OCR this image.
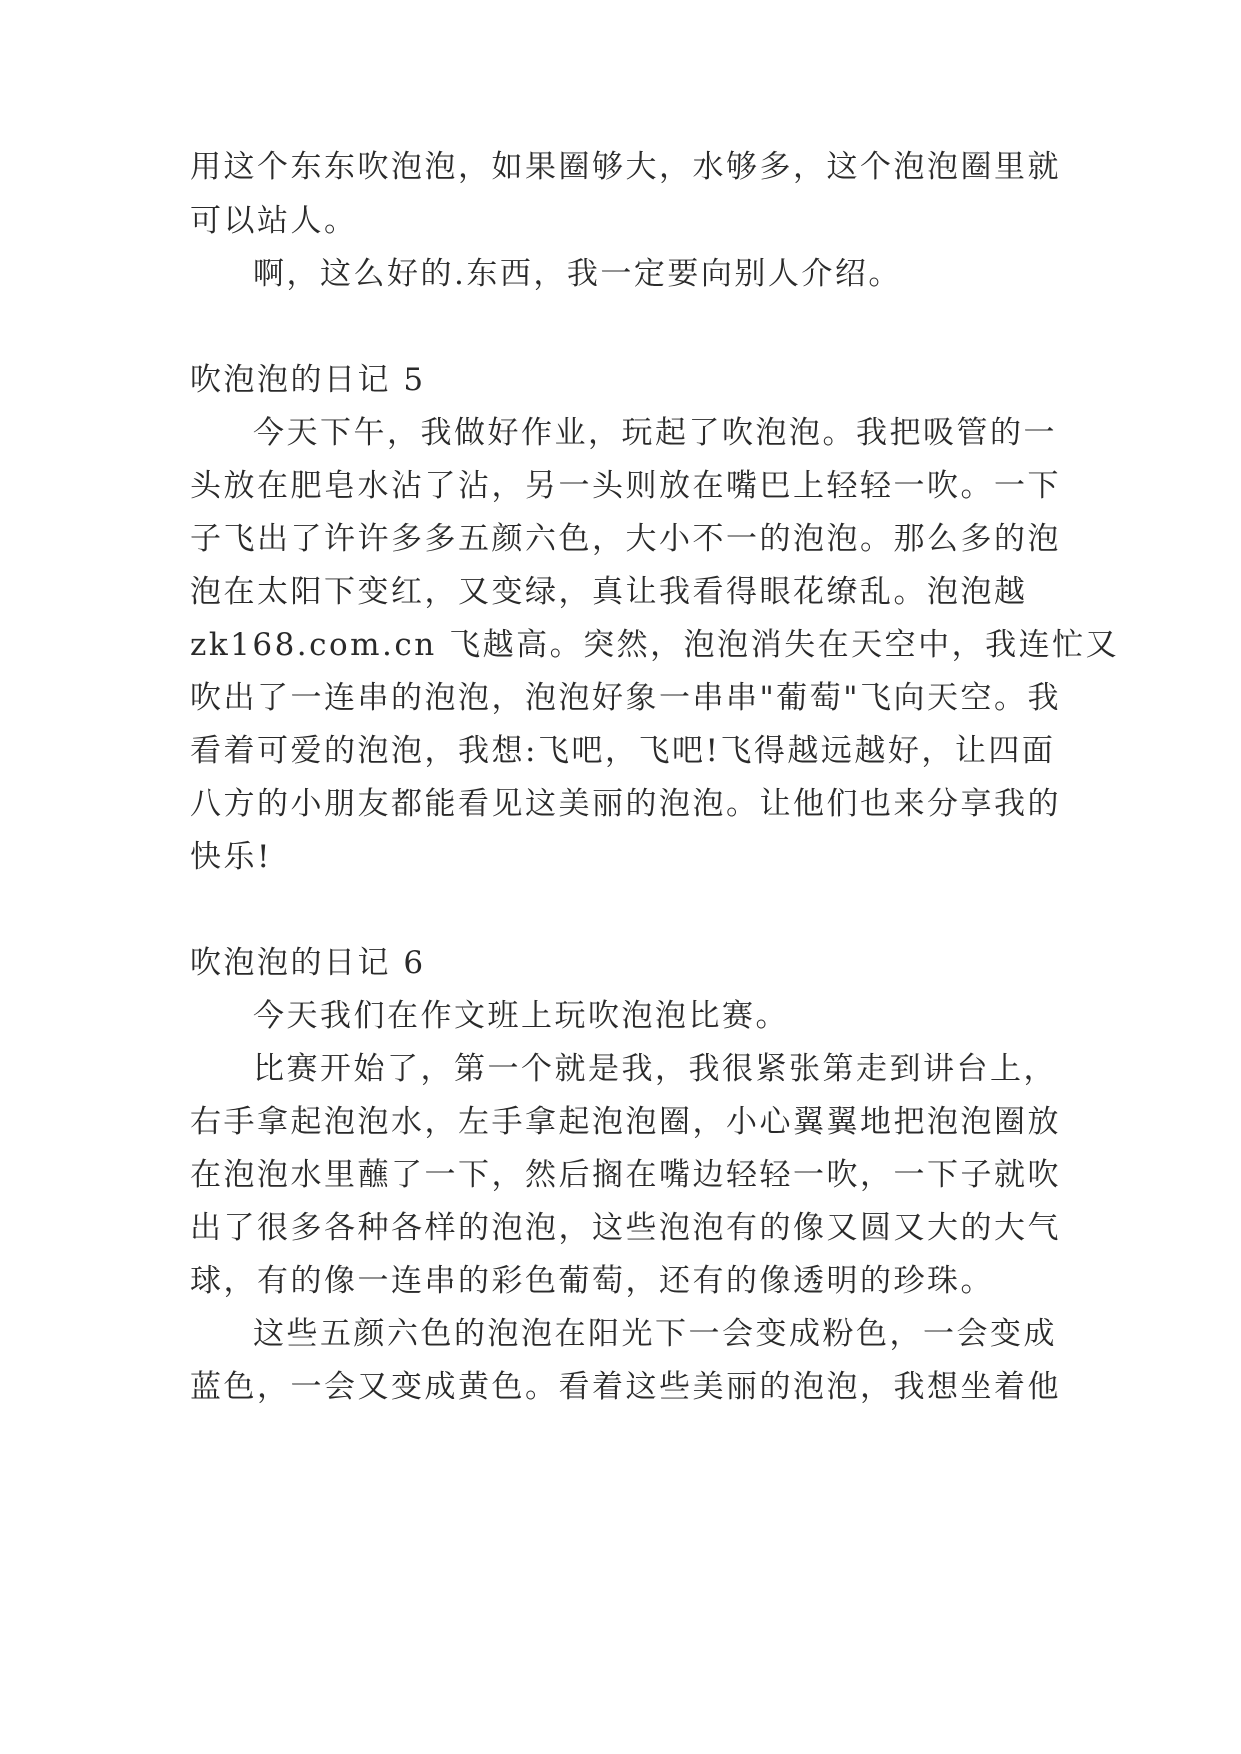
用这个东东吹泡泡，如果圈够大，水够多，这个泡泡圈里就
可以站人。
啊，这么好的.东西，我一定要向别人介绍。
吹泡泡的日记 5
今天下午，我做好作业，玩起了吹泡泡。我把吸管的一
头放在肥皂水沾了沾，另一头则放在嘴巴上轻轻一吹。一下
子飞出了许许多多五颜六色，大小不一的泡泡。那么多的泡
泡在太阳下变红，又变绿，真让我看得眼花缭乱。泡泡越
zk168.com.cn 飞越高。突然，泡泡消失在天空中，我连忙又
吹出了一连串的泡泡，泡泡好象一串串"葡萄"飞向天空。我
看着可爱的泡泡，我想:飞吧，飞吧!飞得越远越好，让四面
八方的小朋友都能看见这美丽的泡泡。让他们也来分享我的
快乐!
吹泡泡的日记 6
今天我们在作文班上玩吹泡泡比赛。
比赛开始了，第一个就是我，我很紧张第走到讲台上，
右手拿起泡泡水，左手拿起泡泡圈，小心翼翼地把泡泡圈放
在泡泡水里蘸了一下，然后搁在嘴边轻轻一吹，一下子就吹
出了很多各种各样的泡泡，这些泡泡有的像又圆又大的大气
球，有的像一连串的彩色葡萄，还有的像透明的珍珠。
这些五颜六色的泡泡在阳光下一会变成粉色，一会变成
蓝色，一会又变成黄色。看着这些美丽的泡泡，我想坐着他
